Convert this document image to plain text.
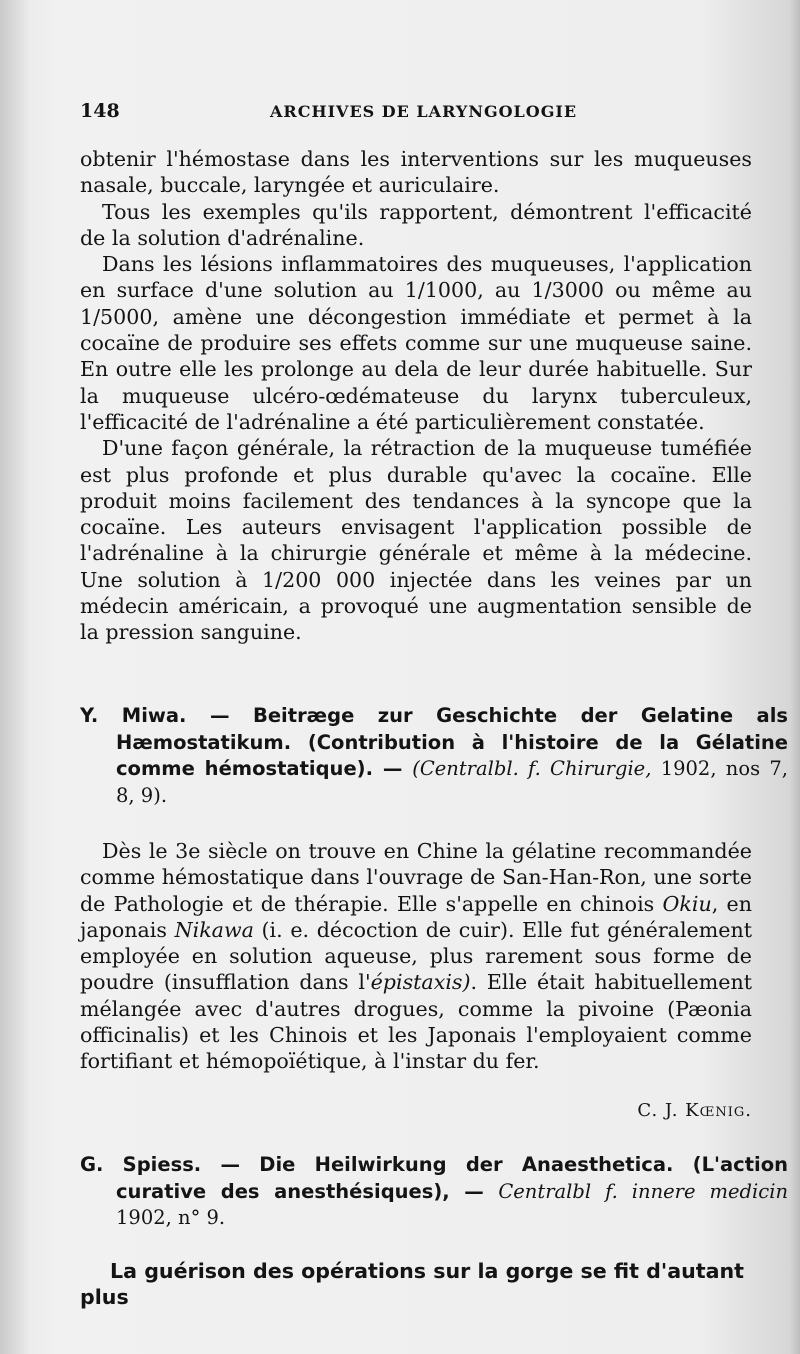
148	ARCHIVES DE LARYNGOLOGIE

obtenir l'hémostase dans les interventions sur les muqueuses nasale, buccale, laryngée et auriculaire.

Tous les exemples qu'ils rapportent, démontrent l'efficacité de la solution d'adrénaline.

Dans les lésions inflammatoires des muqueuses, l'application en surface d'une solution au 1/1000, au 1/3000 ou même au 1/5000, amène une décongestion immédiate et permet à la cocaïne de produire ses effets comme sur une muqueuse saine. En outre elle les prolonge au dela de leur durée habituelle. Sur la muqueuse ulcéro-œdémateuse du larynx tuberculeux, l'efficacité de l'adrénaline a été particulièrement constatée.

D'une façon générale, la rétraction de la muqueuse tuméfiée est plus profonde et plus durable qu'avec la cocaïne. Elle produit moins facilement des tendances à la syncope que la cocaïne. Les auteurs envisagent l'application possible de l'adrénaline à la chirurgie générale et même à la médecine. Une solution à 1/200 000 injectée dans les veines par un médecin américain, a provoqué une augmentation sensible de la pression sanguine.

Y. Miwa. — Beitræge zur Geschichte der Gelatine als Hæmostatikum. (Contribution à l'histoire de la Gélatine comme hémostatique). — (Centralbl. f. Chirurgie, 1902, nos 7, 8, 9).

Dès le 3e siècle on trouve en Chine la gélatine recommandée comme hémostatique dans l'ouvrage de San-Han-Ron, une sorte de Pathologie et de thérapie. Elle s'appelle en chinois Okiu, en japonais Nikawa (i. e. décoction de cuir). Elle fut généralement employée en solution aqueuse, plus rarement sous forme de poudre (insufflation dans l'épistaxis). Elle était habituellement mélangée avec d'autres drogues, comme la pivoine (Pæonia officinalis) et les Chinois et les Japonais l'employaient comme fortifiant et hémopoïétique, à l'instar du fer.

C. J. Kœnig.
G. Spiess. — Die Heilwirkung der Anaesthetica. (L'action curative des anesthésiques), — Centralbl f. innere medicin 1902, n° 9.
La guérison des opérations sur la gorge se fit d'autant plus
